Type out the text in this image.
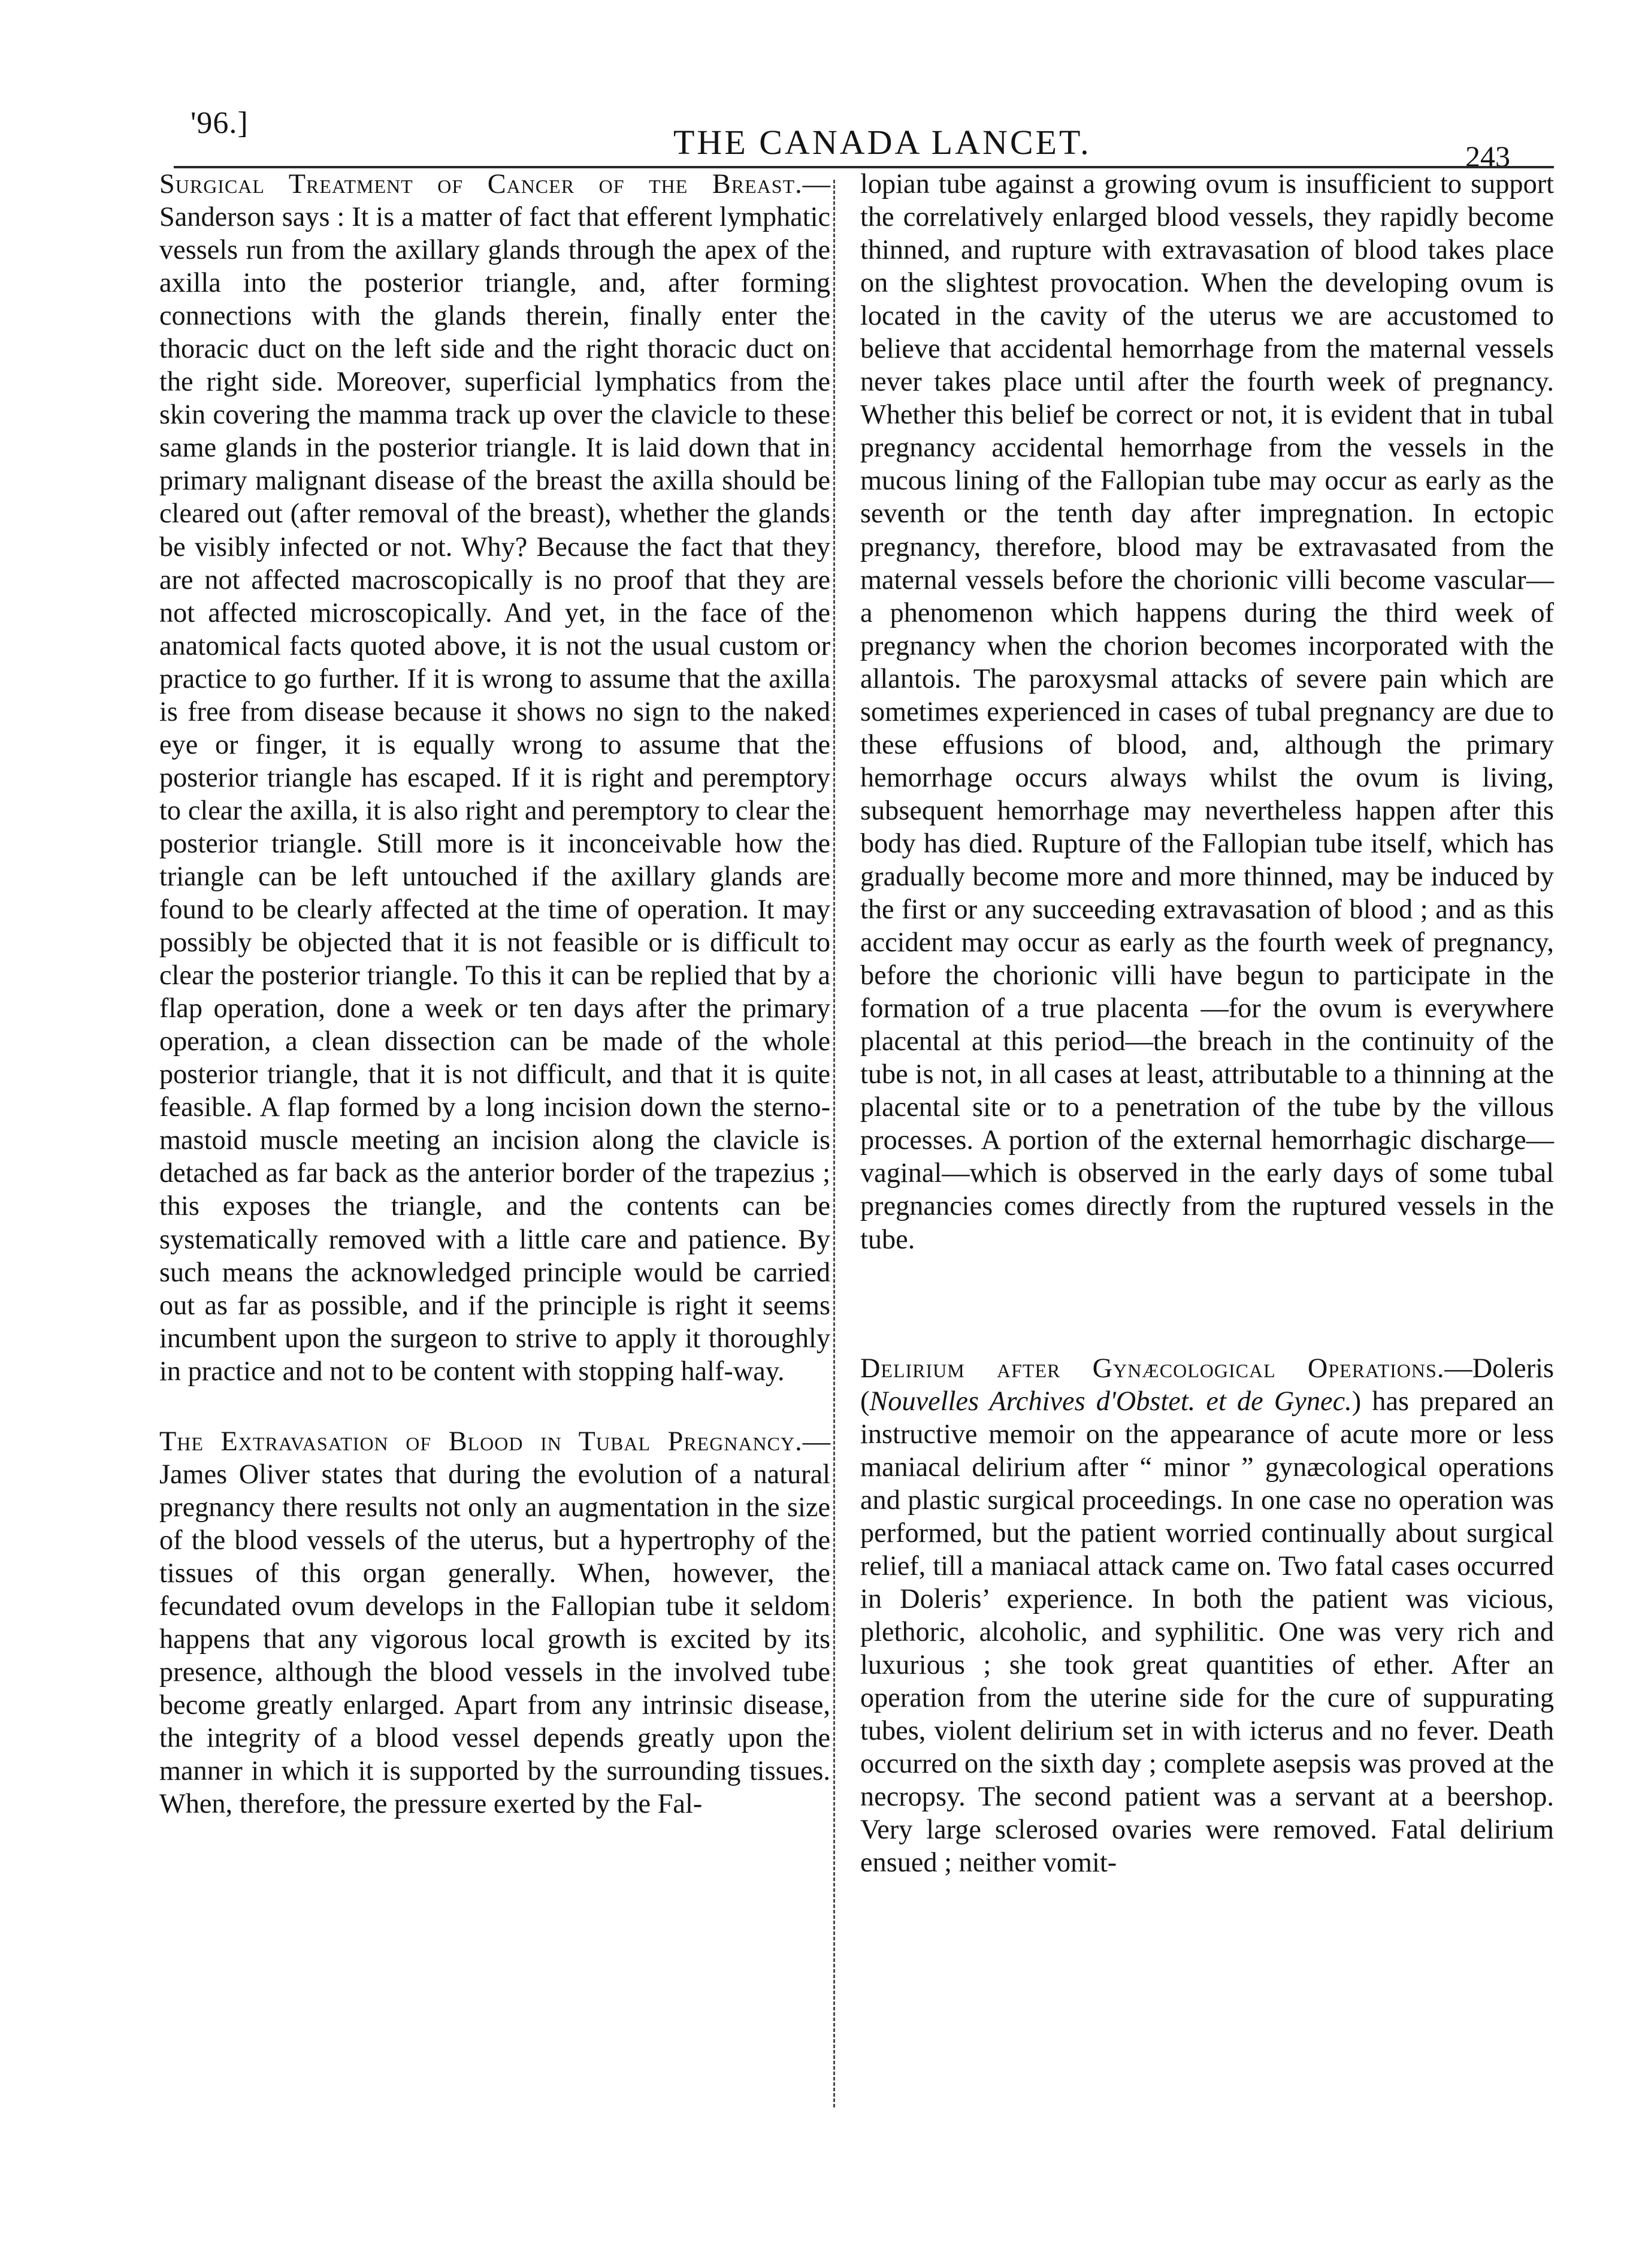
'96.]	THE CANADA LANCET.	243

Surgical Treatment of Cancer of the Breast.—Sanderson says : It is a matter of fact that efferent lymphatic vessels run from the axillary glands through the apex of the axilla into the posterior triangle, and, after forming connections with the glands therein, finally enter the thoracic duct on the left side and the right thoracic duct on the right side. Moreover, superficial lymphatics from the skin covering the mamma track up over the clavicle to these same glands in the posterior triangle. It is laid down that in primary malignant disease of the breast the axilla should be cleared out (after removal of the breast), whether the glands be visibly infected or not. Why? Because the fact that they are not affected macroscopically is no proof that they are not affected microscopically. And yet, in the face of the anatomical facts quoted above, it is not the usual custom or practice to go further. If it is wrong to assume that the axilla is free from disease because it shows no sign to the naked eye or finger, it is equally wrong to assume that the posterior triangle has escaped. If it is right and peremptory to clear the axilla, it is also right and peremptory to clear the posterior triangle. Still more is it inconceivable how the triangle can be left untouched if the axillary glands are found to be clearly affected at the time of operation. It may possibly be objected that it is not feasible or is difficult to clear the posterior triangle. To this it can be replied that by a flap operation, done a week or ten days after the primary operation, a clean dissection can be made of the whole posterior triangle, that it is not difficult, and that it is quite feasible. A flap formed by a long incision down the sterno-mastoid muscle meeting an incision along the clavicle is detached as far back as the anterior border of the trapezius ; this exposes the triangle, and the contents can be systematically removed with a little care and patience. By such means the acknowledged principle would be carried out as far as possible, and if the principle is right it seems incumbent upon the surgeon to strive to apply it thoroughly in practice and not to be content with stopping half-way.

The Extravasation of Blood in Tubal Pregnancy.—James Oliver states that during the evolution of a natural pregnancy there results not only an augmentation in the size of the blood vessels of the uterus, but a hypertrophy of the tissues of this organ generally. When, however, the fecundated ovum develops in the Fallopian tube it seldom happens that any vigorous local growth is excited by its presence, although the blood vessels in the involved tube become greatly enlarged. Apart from any intrinsic disease, the integrity of a blood vessel depends greatly upon the manner in which it is supported by the surrounding tissues. When, therefore, the pressure exerted by the Fal-

lopian tube against a growing ovum is insufficient to support the correlatively enlarged blood vessels, they rapidly become thinned, and rupture with extravasation of blood takes place on the slightest provocation. When the developing ovum is located in the cavity of the uterus we are accustomed to believe that accidental hemorrhage from the maternal vessels never takes place until after the fourth week of pregnancy. Whether this belief be correct or not, it is evident that in tubal pregnancy accidental hemorrhage from the vessels in the mucous lining of the Fallopian tube may occur as early as the seventh or the tenth day after impregnation. In ectopic pregnancy, therefore, blood may be extravasated from the maternal vessels before the chorionic villi become vascular—a phenomenon which happens during the third week of pregnancy when the chorion becomes incorporated with the allantois. The paroxysmal attacks of severe pain which are sometimes experienced in cases of tubal pregnancy are due to these effusions of blood, and, although the primary hemorrhage occurs always whilst the ovum is living, subsequent hemorrhage may nevertheless happen after this body has died. Rupture of the Fallopian tube itself, which has gradually become more and more thinned, may be induced by the first or any succeeding extravasation of blood ; and as this accident may occur as early as the fourth week of pregnancy, before the chorionic villi have begun to participate in the formation of a true placenta —for the ovum is everywhere placental at this period—the breach in the continuity of the tube is not, in all cases at least, attributable to a thinning at the placental site or to a penetration of the tube by the villous processes. A portion of the external hemorrhagic discharge—vaginal—which is observed in the early days of some tubal pregnancies comes directly from the ruptured vessels in the tube.

Delirium after Gynæcological Operations.—Doleris (Nouvelles Archives d'Obstet. et de Gynec.) has prepared an instructive memoir on the appearance of acute more or less maniacal delirium after “ minor ” gynæcological operations and plastic surgical proceedings. In one case no operation was performed, but the patient worried continually about surgical relief, till a maniacal attack came on. Two fatal cases occurred in Doleris’ experience. In both the patient was vicious, plethoric, alcoholic, and syphilitic. One was very rich and luxurious ; she took great quantities of ether. After an operation from the uterine side for the cure of suppurating tubes, violent delirium set in with icterus and no fever. Death occurred on the sixth day ; complete asepsis was proved at the necropsy. The second patient was a servant at a beershop. Very large sclerosed ovaries were removed. Fatal delirium ensued ; neither vomit-
